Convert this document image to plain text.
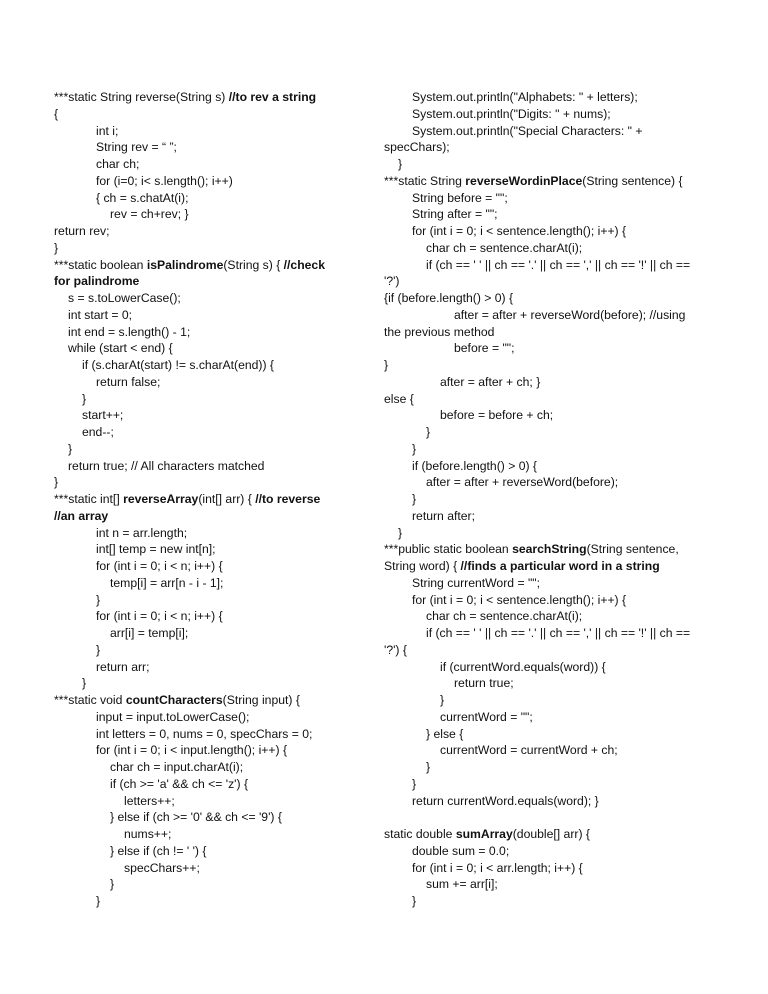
***static String reverse(String s) //to rev a string
{
int i;
String rev = “ ”;
char ch;
for (i=0; i< s.length(); i++)
{ ch = s.chatAt(i);
rev = ch+rev; }
return rev;
}
***static boolean isPalindrome(String s) { //check
for palindrome
s = s.toLowerCase();
int start = 0;
int end = s.length() - 1;
while (start < end) {
if (s.charAt(start) != s.charAt(end)) {
return false;
}
start++;
end--;
}
return true; // All characters matched
}
***static int[] reverseArray(int[] arr) { //to reverse
//an array
int n = arr.length;
int[] temp = new int[n];
for (int i = 0; i < n; i++) {
temp[i] = arr[n - i - 1];
}
for (int i = 0; i < n; i++) {
arr[i] = temp[i];
}
return arr;
}
***static void countCharacters(String input) {
input = input.toLowerCase();
int letters = 0, nums = 0, specChars = 0;
for (int i = 0; i < input.length(); i++) {
char ch = input.charAt(i);
if (ch >= 'a' && ch <= 'z') {
letters++;
} else if (ch >= '0' && ch <= '9') {
nums++;
} else if (ch != ' ') {
specChars++;
}
}
System.out.println("Alphabets: " + letters);
System.out.println("Digits: " + nums);
System.out.println("Special Characters: " +
specChars);
}
***static String reverseWordinPlace(String sentence) {
String before = "";
String after = "";
for (int i = 0; i < sentence.length(); i++) {
char ch = sentence.charAt(i);
if (ch == ' ' || ch == '.' || ch == ',' || ch == '!' || ch ==
'?')
{if (before.length() > 0) {
after = after + reverseWord(before); //using
the previous method
before = "";
}
after = after + ch; }
else {
before = before + ch;
}
}
if (before.length() > 0) {
after = after + reverseWord(before);
}
return after;
}
***public static boolean searchString(String sentence,
String word) { //finds a particular word in a string
String currentWord = "";
for (int i = 0; i < sentence.length(); i++) {
char ch = sentence.charAt(i);
if (ch == ' ' || ch == '.' || ch == ',' || ch == '!' || ch ==
'?') {
if (currentWord.equals(word)) {
return true;
}
currentWord = "";
} else {
currentWord = currentWord + ch;
}
}
return currentWord.equals(word); }
static double sumArray(double[] arr) {
double sum = 0.0;
for (int i = 0; i < arr.length; i++) {
sum += arr[i];
}
